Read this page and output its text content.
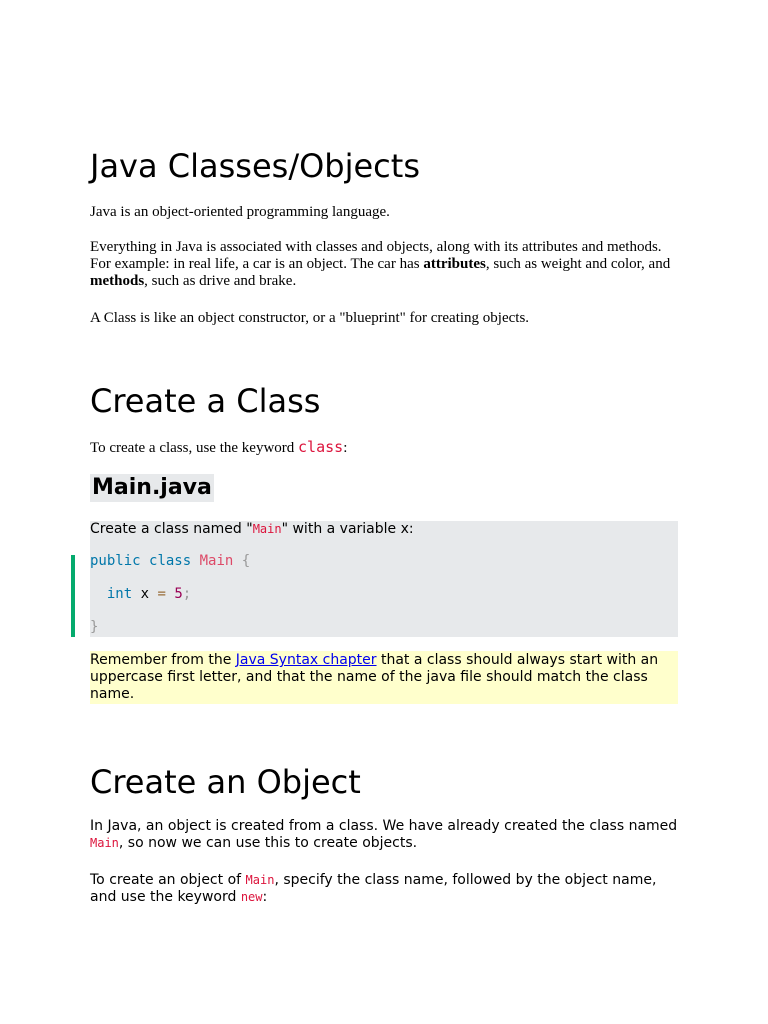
Java Classes/Objects

Java is an object-oriented programming language.

Everything in Java is associated with classes and objects, along with its attributes and methods. For example: in real life, a car is an object. The car has attributes, such as weight and color, and methods, such as drive and brake.

A Class is like an object constructor, or a "blueprint" for creating objects.

Create a Class

To create a class, use the keyword class:

Main.java
Create a class named "Main" with a variable x:
public class Main {
int x = 5;
}

Remember from the Java Syntax chapter that a class should always start with an uppercase first letter, and that the name of the java file should match the class name.

Create an Object

In Java, an object is created from a class. We have already created the class named Main, so now we can use this to create objects.

To create an object of Main, specify the class name, followed by the object name, and use the keyword new:
